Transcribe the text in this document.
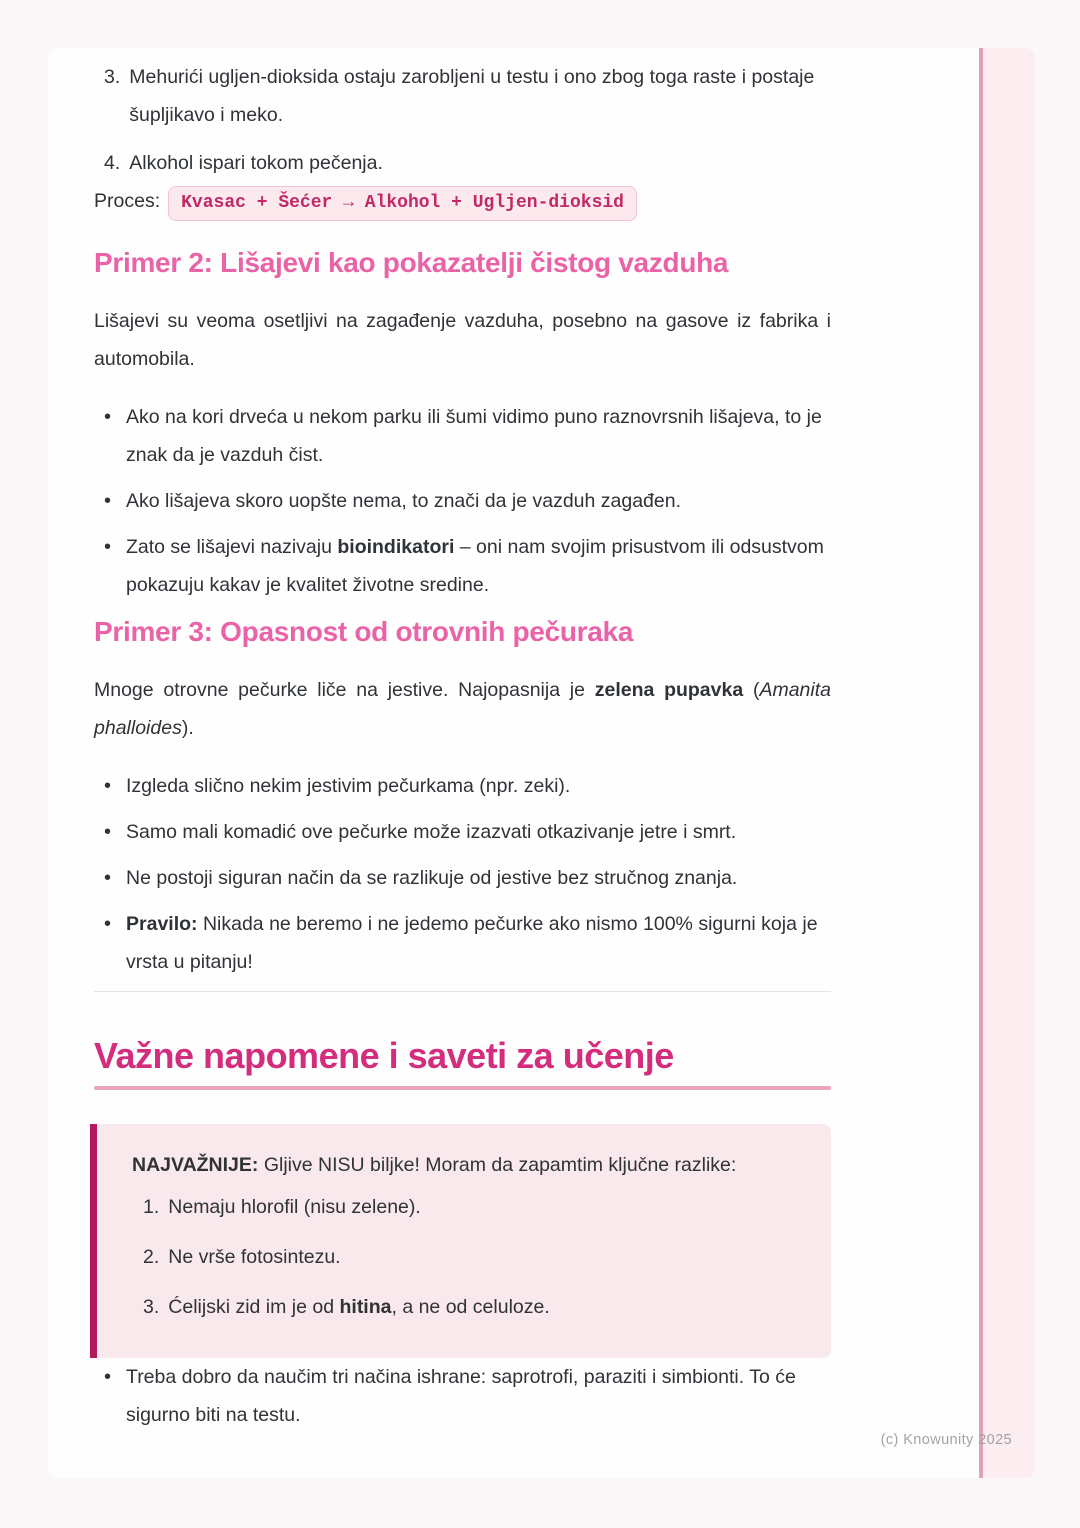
3. Mehurići ugljen-dioksida ostaju zarobljeni u testu i ono zbog toga raste i postaje šupljikavo i meko.
4. Alkohol ispari tokom pečenja.

Proces: Kvasac + Šećer → Alkohol + Ugljen-dioksid

Primer 2: Lišajevi kao pokazatelji čistog vazduha

Lišajevi su veoma osetljivi na zagađenje vazduha, posebno na gasove iz fabrika i automobila.

• Ako na kori drveća u nekom parku ili šumi vidimo puno raznovrsnih lišajeva, to je znak da je vazduh čist.
• Ako lišajeva skoro uopšte nema, to znači da je vazduh zagađen.
• Zato se lišajevi nazivaju bioindikatori – oni nam svojim prisustvom ili odsustvom pokazuju kakav je kvalitet životne sredine.
Primer 3: Opasnost od otrovnih pečuraka

Mnoge otrovne pečurke liče na jestive. Najopasnija je zelena pupavka (Amanita phalloides).

• Izgleda slično nekim jestivim pečurkama (npr. zeki).
• Samo mali komadić ove pečurke može izazvati otkazivanje jetre i smrt.
• Ne postoji siguran način da se razlikuje od jestive bez stručnog znanja.
• Pravilo: Nikada ne beremo i ne jedemo pečurke ako nismo 100% sigurni koja je vrsta u pitanju!
Važne napomene i saveti za učenje

NAJVAŽNIJE: Gljive NISU biljke! Moram da zapamtim ključne razlike:

1. Nemaju hlorofil (nisu zelene).
2. Ne vrše fotosintezu.
3. Ćelijski zid im je od hitina, a ne od celuloze.
• Treba dobro da naučim tri načina ishrane: saprotrofi, paraziti i simbionti. To će sigurno biti na testu.
(c) Knowunity 2025
